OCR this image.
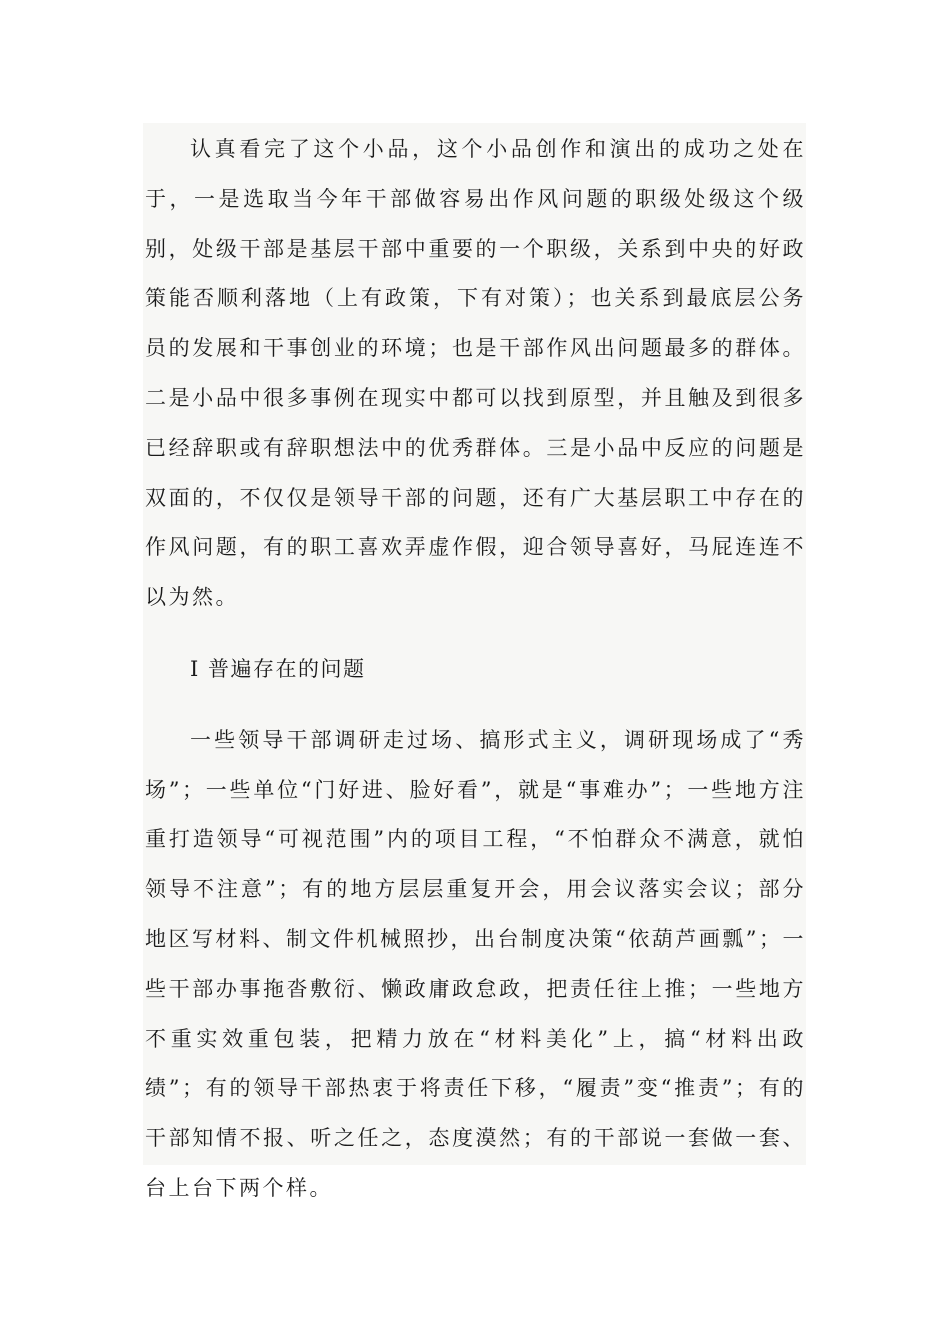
认真看完了这个小品，这个小品创作和演出的成功之处在于，一是选取当今年干部做容易出作风问题的职级处级这个级别，处级干部是基层干部中重要的一个职级，关系到中央的好政策能否顺利落地（上有政策，下有对策）；也关系到最底层公务员的发展和干事创业的环境；也是干部作风出问题最多的群体。二是小品中很多事例在现实中都可以找到原型，并且触及到很多已经辞职或有辞职想法中的优秀群体。三是小品中反应的问题是双面的，不仅仅是领导干部的问题，还有广大基层职工中存在的作风问题，有的职工喜欢弄虚作假，迎合领导喜好，马屁连连不以为然。

I 普遍存在的问题

一些领导干部调研走过场、搞形式主义，调研现场成了“秀场”；一些单位“门好进、脸好看”，就是“事难办”；一些地方注重打造领导“可视范围”内的项目工程，“不怕群众不满意，就怕领导不注意”；有的地方层层重复开会，用会议落实会议；部分地区写材料、制文件机械照抄，出台制度决策“依葫芦画瓢”；一些干部办事拖沓敷衍、懒政庸政怠政，把责任往上推；一些地方不重实效重包装，把精力放在“材料美化”上，搞“材料出政绩”；有的领导干部热衷于将责任下移，“履责”变“推责”；有的干部知情不报、听之任之，态度漠然；有的干部说一套做一套、台上台下两个样。
